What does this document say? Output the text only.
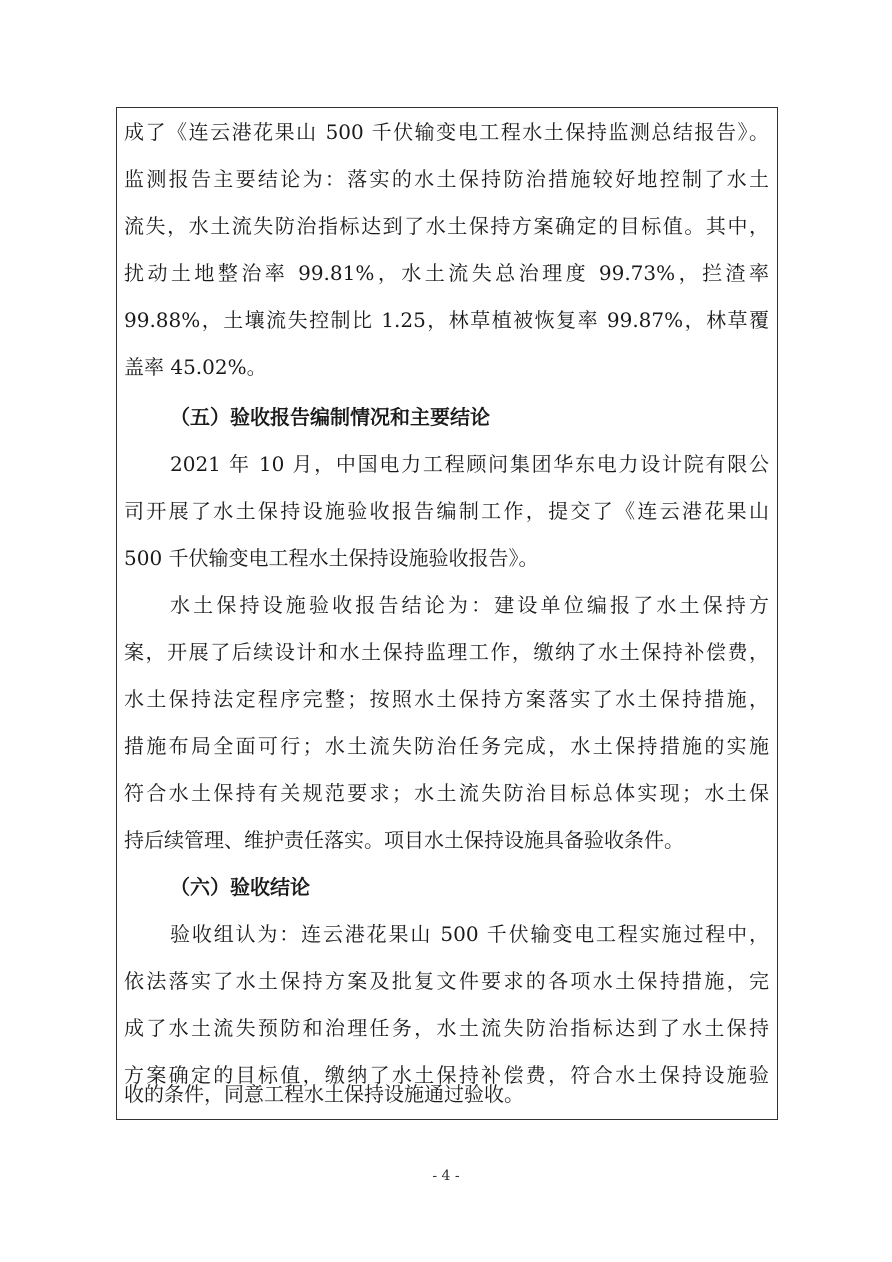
成了《连云港花果山 500 千伏输变电工程水土保持监测总结报告》。
监测报告主要结论为：落实的水土保持防治措施较好地控制了水土
流失，水土流失防治指标达到了水土保持方案确定的目标值。其中，
扰动土地整治率 99.81%，水土流失总治理度 99.73%，拦渣率
99.88%，土壤流失控制比 1.25，林草植被恢复率 99.87%，林草覆
盖率 45.02%。
（五）验收报告编制情况和主要结论
2021 年 10 月，中国电力工程顾问集团华东电力设计院有限公
司开展了水土保持设施验收报告编制工作，提交了《连云港花果山
500 千伏输变电工程水土保持设施验收报告》。
水土保持设施验收报告结论为：建设单位编报了水土保持方
案，开展了后续设计和水土保持监理工作，缴纳了水土保持补偿费，
水土保持法定程序完整；按照水土保持方案落实了水土保持措施，
措施布局全面可行；水土流失防治任务完成，水土保持措施的实施
符合水土保持有关规范要求；水土流失防治目标总体实现；水土保
持后续管理、维护责任落实。项目水土保持设施具备验收条件。
（六）验收结论
验收组认为：连云港花果山 500 千伏输变电工程实施过程中，
依法落实了水土保持方案及批复文件要求的各项水土保持措施，完
成了水土流失预防和治理任务，水土流失防治指标达到了水土保持
方案确定的目标值，缴纳了水土保持补偿费，符合水土保持设施验
- 4 -
收的条件，同意工程水土保持设施通过验收。
